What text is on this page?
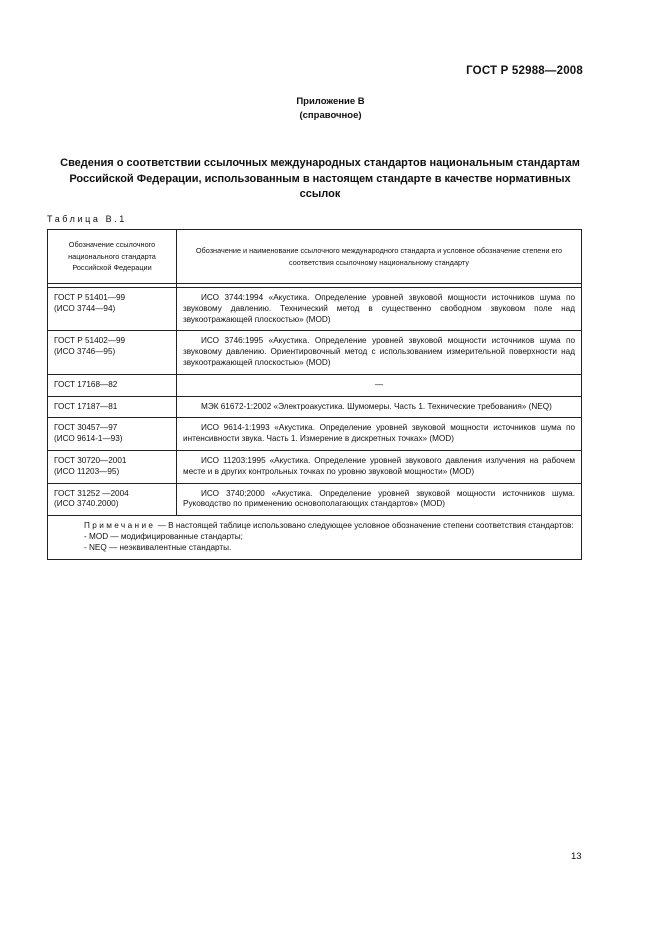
ГОСТ Р 52988—2008
Приложение В
(справочное)
Сведения о соответствии ссылочных международных стандартов национальным стандартам Российской Федерации, использованным в настоящем стандарте в качестве нормативных ссылок
Таблица В.1
Обозначение ссылочного национального стандарта Российской Федерации	Обозначение и наименование ссылочного международного стандарта и условное обозначение степени его соответствия ссылочному национальному стандарту

ГОСТ Р 51401—99
(ИСО 3744—94)	ИСО 3744:1994 «Акустика. Определение уровней звуковой мощности источников шума по звуковому давлению. Технический метод в существенно свободном звуковом поле над звукоотражающей плоскостью» (MOD)

ГОСТ Р 51402—99
(ИСО 3746—95)	ИСО 3746:1995 «Акустика. Определение уровней звуковой мощности источников шума по звуковому давлению. Ориентировочный метод с использованием измерительной поверхности над звукоотражающей плоскостью» (MOD)

ГОСТ 17168—82	—

ГОСТ 17187—81	МЭК 61672-1:2002 «Электроакустика. Шумомеры. Часть 1. Технические требования» (NEQ)

ГОСТ 30457—97
(ИСО 9614-1—93)	ИСО 9614-1:1993 «Акустика. Определение уровней звуковой мощности источников шума по интенсивности звука. Часть 1. Измерение в дискретных точках» (MOD)

ГОСТ 30720—2001
(ИСО 11203—95)	ИСО 11203:1995 «Акустика. Определение уровней звукового давления излучения на рабочем месте и в других контрольных точках по уровню звуковой мощности» (MOD)

ГОСТ 31252 —2004
(ИСО 3740.2000)	ИСО 3740:2000 «Акустика. Определение уровней звуковой мощности источников шума. Руководство по применению основополагающих стандартов» (MOD)

Примечание — В настоящей таблице использовано следующее условное обозначение степени соответствия стандартов:
- MOD — модифицированные стандарты;
- NEQ — неэквивалентные стандарты.	
13
